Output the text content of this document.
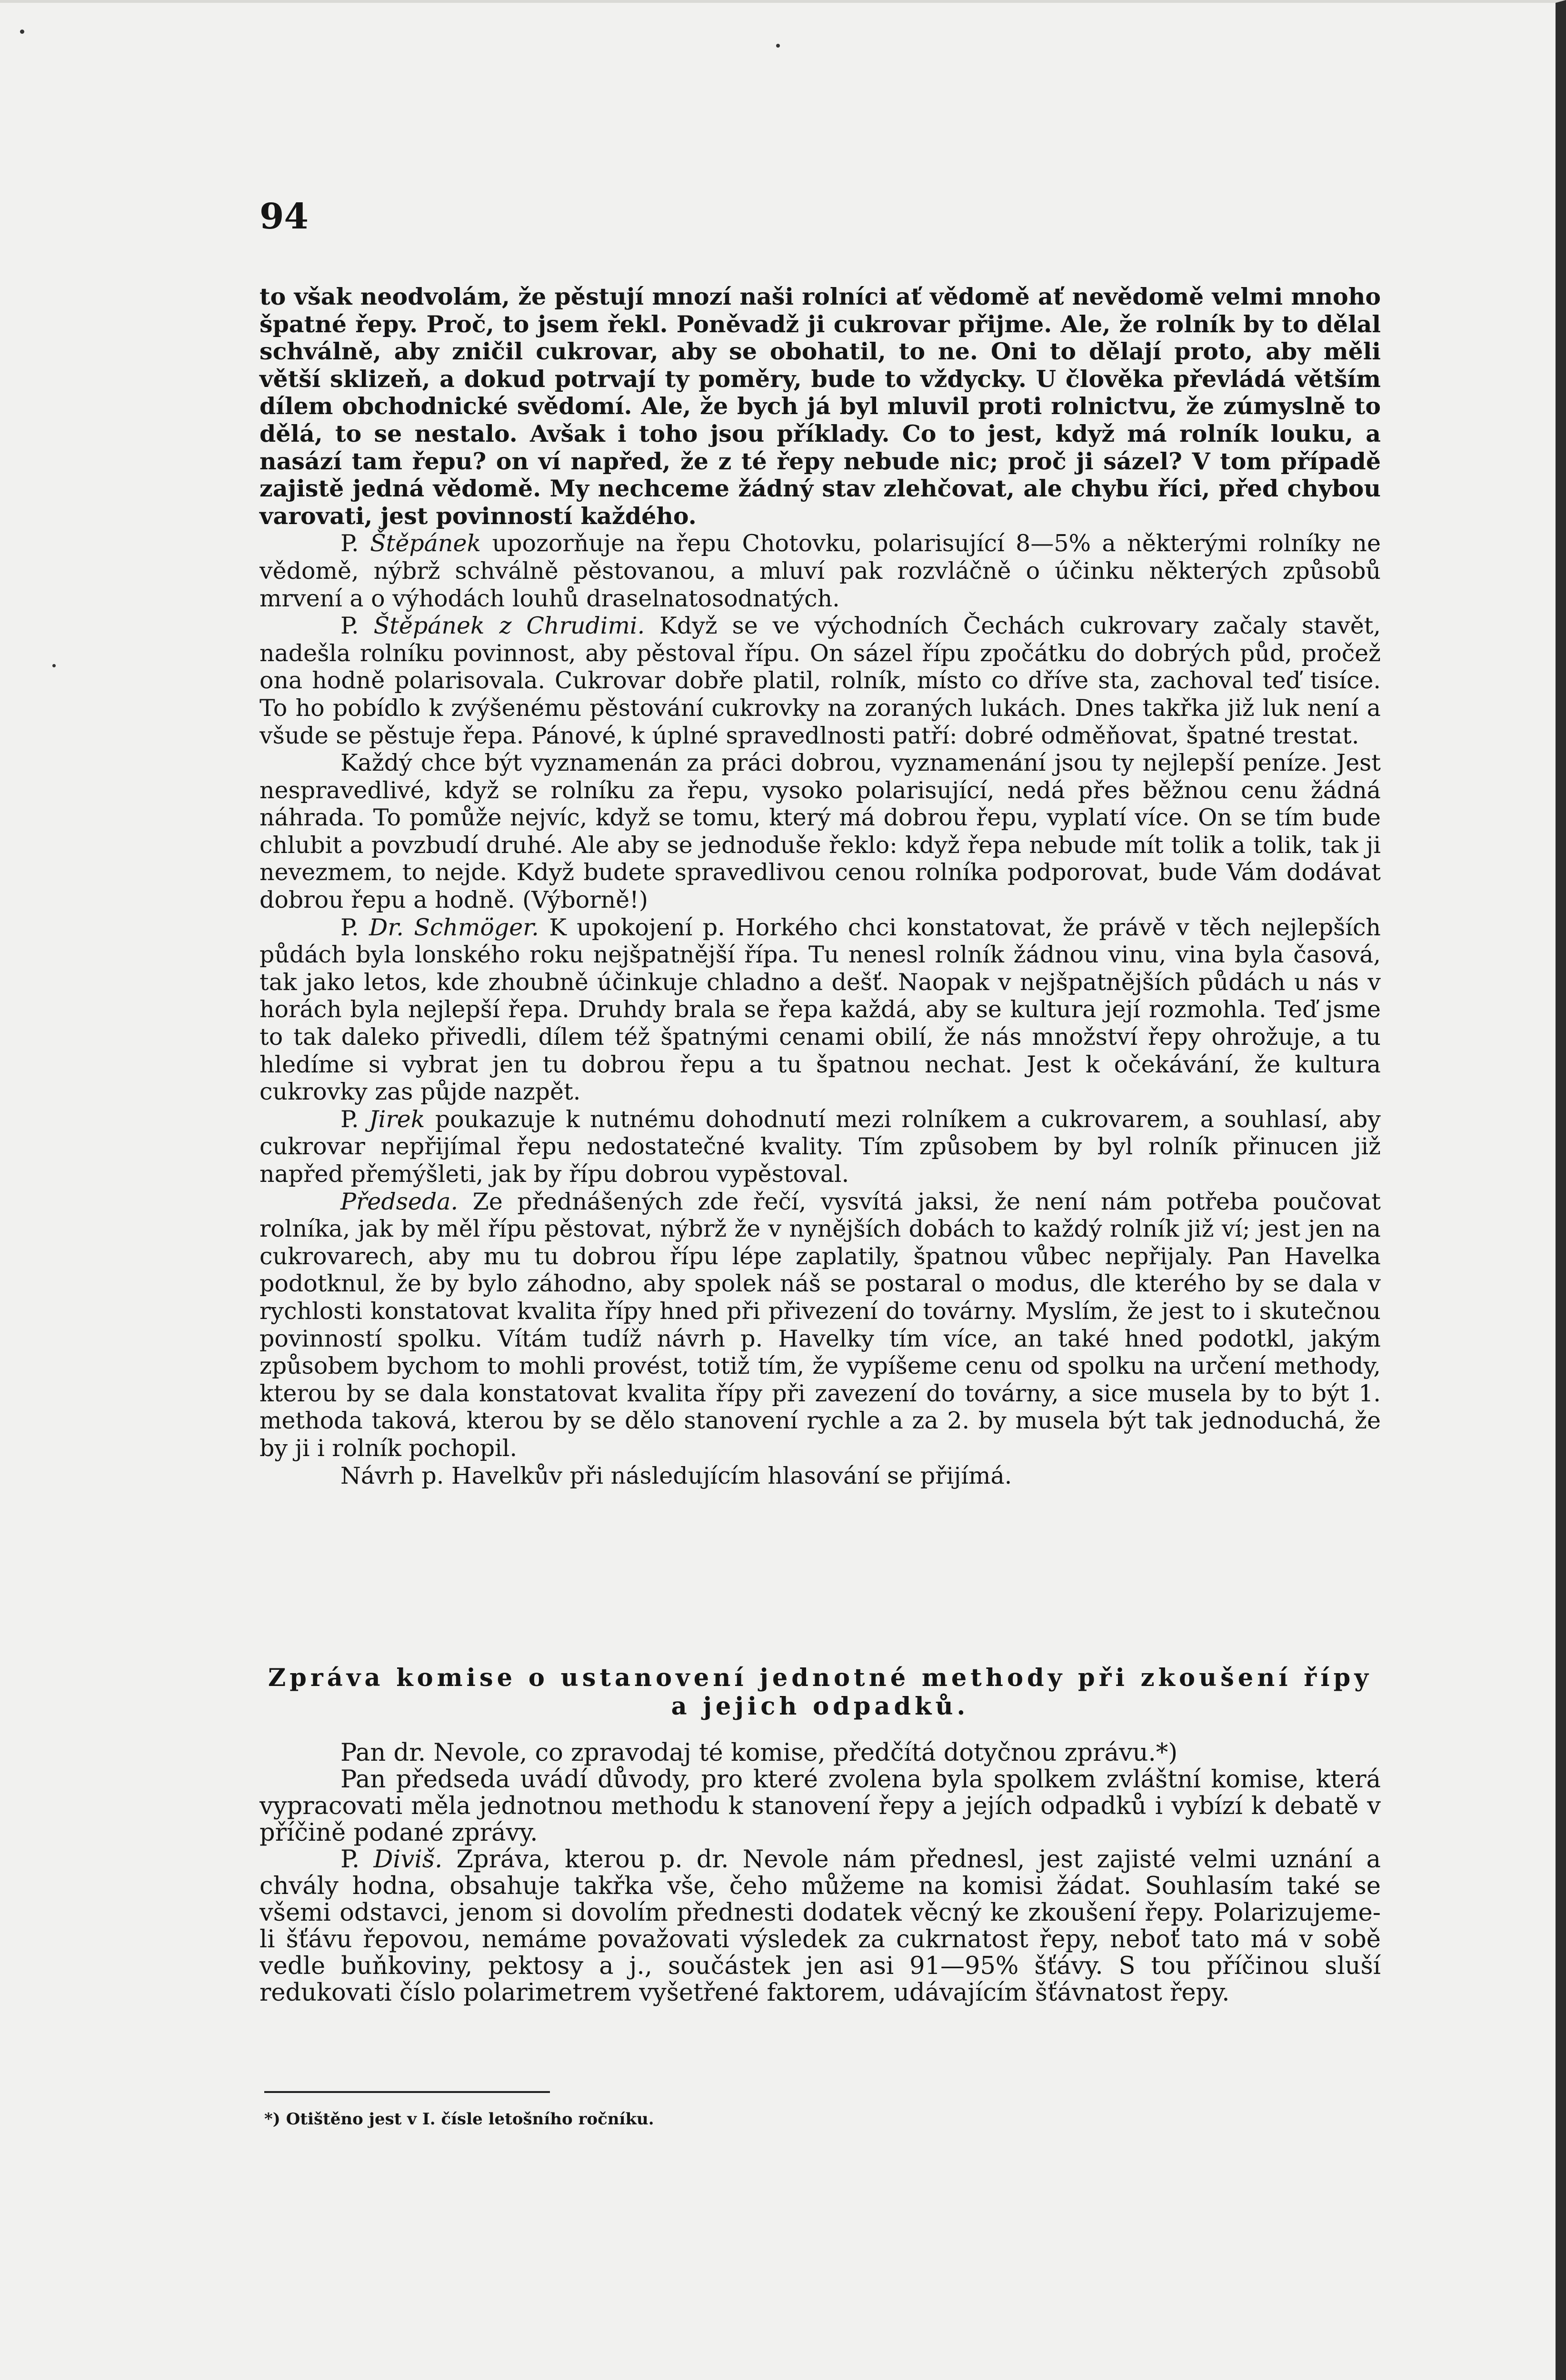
94

to však neodvolám, že pěstují mnozí naši rolníci ať vědomě ať nevědomě velmi mnoho špatné řepy. Proč, to jsem řekl. Poněvadž ji cukrovar přijme. Ale, že rolník by to dělal schválně, aby zničil cukrovar, aby se obohatil, to ne. Oni to dělají proto, aby měli větší sklizeň, a dokud potrvají ty poměry, bude to vždycky. U člověka převládá větším dílem obchodnické svědomí. Ale, že bych já byl mluvil proti rolnictvu, že zúmyslně to dělá, to se nestalo. Avšak i toho jsou příklady. Co to jest, když má rolník louku, a nasází tam řepu? on ví napřed, že z té řepy nebude nic; proč ji sázel? V tom případě zajistě jedná vědomě. My nechceme žádný stav zlehčovat, ale chybu říci, před chybou varovati, jest povinností každého.

P. Štěpánek upozorňuje na řepu Chotovku, polarisující 8—5% a některými rolníky ne vědomě, nýbrž schválně pěstovanou, a mluví pak rozvláčně o účinku některých způsobů mrvení a o výhodách louhů draselnatosodnatých.

P. Štěpánek z Chrudimi. Když se ve východních Čechách cukrovary začaly stavět, nadešla rolníku povinnost, aby pěstoval řípu. On sázel řípu zpočátku do dobrých půd, pročež ona hodně polarisovala. Cukrovar dobře platil, rolník, místo co dříve sta, zachoval teď tisíce. To ho pobídlo k zvýšenému pěstování cukrovky na zoraných lukách. Dnes takřka již luk není a všude se pěstuje řepa. Pánové, k úplné spravedlnosti patří: dobré odměňovat, špatné trestat.

Každý chce být vyznamenán za práci dobrou, vyznamenání jsou ty nejlepší peníze. Jest nespravedlivé, když se rolníku za řepu, vysoko polarisující, nedá přes běžnou cenu žádná náhrada. To pomůže nejvíc, když se tomu, který má dobrou řepu, vyplatí více. On se tím bude chlubit a povzbudí druhé. Ale aby se jednoduše řeklo: když řepa nebude mít tolik a tolik, tak ji nevezmem, to nejde. Když budete spravedlivou cenou rolníka podporovat, bude Vám dodávat dobrou řepu a hodně. (Výborně!)

P. Dr. Schmöger. K upokojení p. Horkého chci konstatovat, že právě v těch nejlepších půdách byla lonského roku nejšpatnější řípa. Tu nenesl rolník žádnou vinu, vina byla časová, tak jako letos, kde zhoubně účinkuje chladno a dešť. Naopak v nejšpatnějších půdách u nás v horách byla nejlepší řepa. Druhdy brala se řepa každá, aby se kultura její rozmohla. Teď jsme to tak daleko přivedli, dílem též špatnými cenami obilí, že nás množství řepy ohrožuje, a tu hledíme si vybrat jen tu dobrou řepu a tu špatnou nechat. Jest k očekávání, že kultura cukrovky zas půjde nazpět.

P. Jirek poukazuje k nutnému dohodnutí mezi rolníkem a cukrovarem, a souhlasí, aby cukrovar nepřijímal řepu nedostatečné kvality. Tím způsobem by byl rolník přinucen již napřed přemýšleti, jak by řípu dobrou vypěstoval.

Předseda. Ze přednášených zde řečí, vysvítá jaksi, že není nám potřeba poučovat rolníka, jak by měl řípu pěstovat, nýbrž že v nynějších dobách to každý rolník již ví; jest jen na cukrovarech, aby mu tu dobrou řípu lépe zaplatily, špatnou vůbec nepřijaly. Pan Havelka podotknul, že by bylo záhodno, aby spolek náš se postaral o modus, dle kterého by se dala v rychlosti konstatovat kvalita řípy hned při přivezení do továrny. Myslím, že jest to i skutečnou povinností spolku. Vítám tudíž návrh p. Havelky tím více, an také hned podotkl, jakým způsobem bychom to mohli provést, totiž tím, že vypíšeme cenu od spolku na určení methody, kterou by se dala konstatovat kvalita řípy při zavezení do továrny, a sice musela by to být 1. methoda taková, kterou by se dělo stanovení rychle a za 2. by musela být tak jednoduchá, že by ji i rolník pochopil.

Návrh p. Havelkův při následujícím hlasování se přijímá.

Zpráva komise o ustanovení jednotné methody při zkoušení řípy
a jejich odpadků.

Pan dr. Nevole, co zpravodaj té komise, předčítá dotyčnou zprávu.*)

Pan předseda uvádí důvody, pro které zvolena byla spolkem zvláštní komise, která vypracovati měla jednotnou methodu k stanovení řepy a jejích odpadků i vybízí k debatě v příčině podané zprávy.

P. Diviš. Zpráva, kterou p. dr. Nevole nám přednesl, jest zajisté velmi uznání a chvály hodna, obsahuje takřka vše, čeho můžeme na komisi žádat. Souhlasím také se všemi odstavci, jenom si dovolím přednesti dodatek věcný ke zkoušení řepy. Polarizujeme-li šťávu řepovou, nemáme považovati výsledek za cukrnatost řepy, neboť tato má v sobě vedle buňkoviny, pektosy a j., součástek jen asi 91—95% šťávy. S tou příčinou sluší redukovati číslo polarimetrem vyšetřené faktorem, udávajícím šťávnatost řepy.

*) Otištěno jest v I. čísle letošního ročníku.
